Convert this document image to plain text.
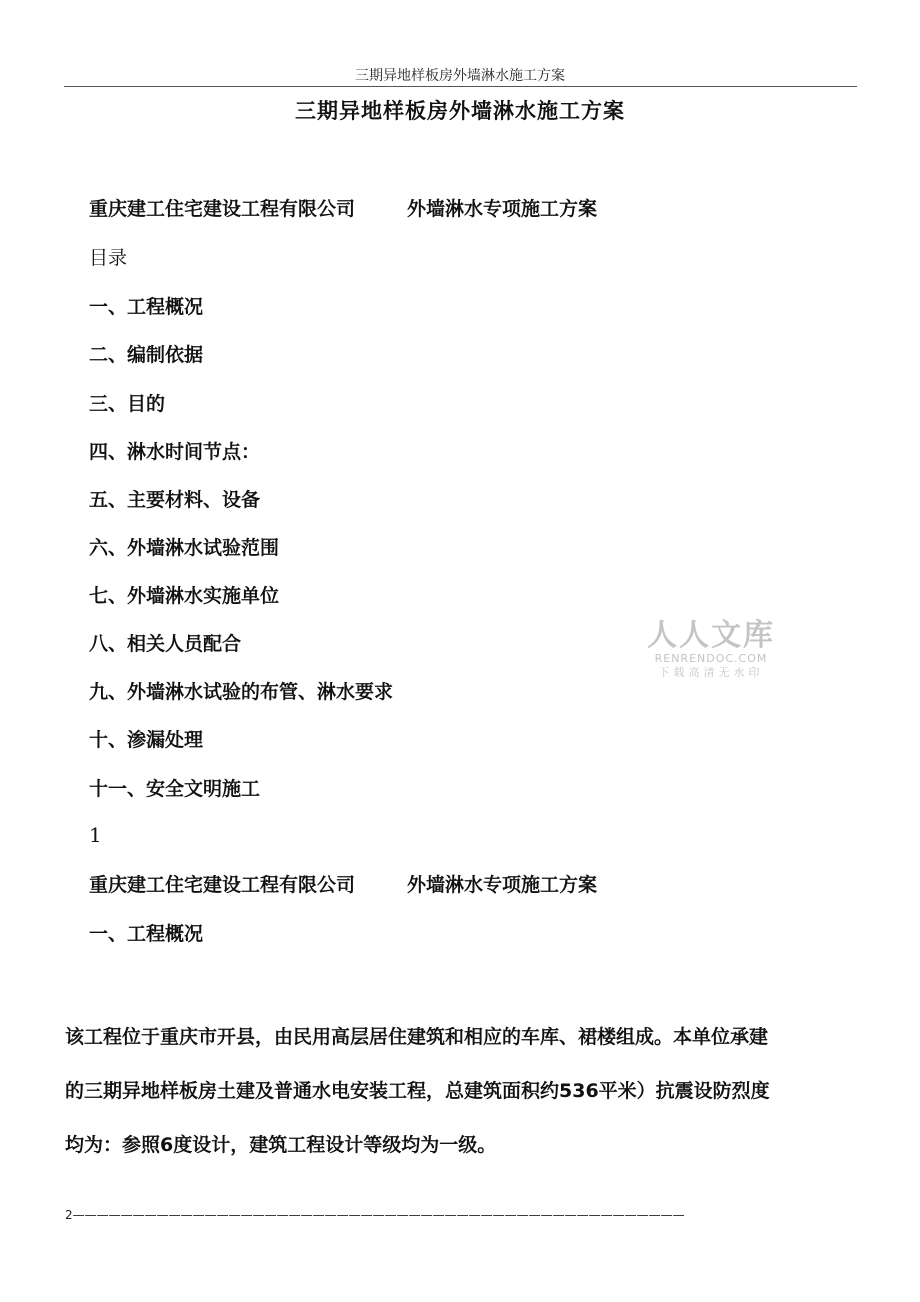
三期异地样板房外墙淋水施工方案
三期异地样板房外墙淋水施工方案
重庆建工住宅建设工程有限公司	外墙淋水专项施工方案
目录
一、工程概况
二、编制依据
三、目的
四、淋水时间节点：
五、主要材料、设备
六、外墙淋水试验范围
七、外墙淋水实施单位
八、相关人员配合
九、外墙淋水试验的布管、淋水要求
十、渗漏处理
十一、安全文明施工
1
重庆建工住宅建设工程有限公司	外墙淋水专项施工方案
一、工程概况

该工程位于重庆市开县，由民用高层居住建筑和相应的车库、裙楼组成。本单位承建

的三期异地样板房土建及普通水电安装工程，总建筑面积约536平米）抗震设防烈度

均为：参照6度设计，建筑工程设计等级均为一级。

2———————————————————————————————————————————————————
人人文库
RENRENDOC.COM
下载高清无水印
